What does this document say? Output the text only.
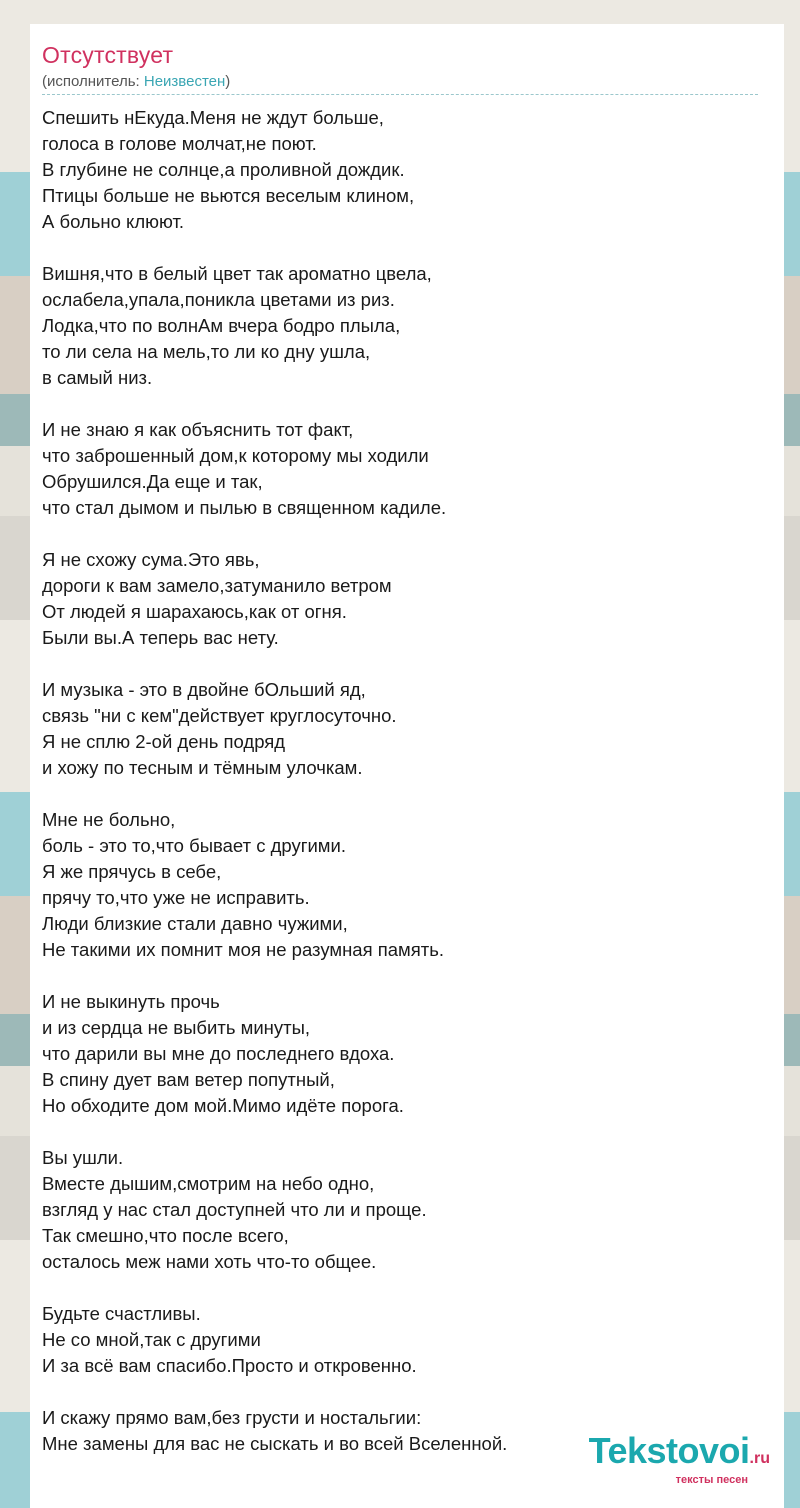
Отсутствует
(исполнитель: Неизвестен)
Спешить нЕкуда.Меня не ждут больше,
голоса в голове молчат,не поют.
В глубине не солнце,а проливной дождик.
Птицы больше не вьются веселым клином,
А больно клюют.
Вишня,что в белый цвет так ароматно цвела,
ослабела,упала,поникла цветами из риз.
Лодка,что по волнАм вчера бодро плыла,
то ли села на мель,то ли ко дну ушла,
в самый низ.
И не знаю я как объяснить тот факт,
что заброшенный дом,к которому мы ходили
Обрушился.Да еще и так,
что стал дымом и пылью в священном кадиле.
Я не схожу сума.Это явь,
дороги к вам замело,затуманило ветром
От людей я шарахаюсь,как от огня.
Были вы.А теперь вас нету.
И музыка - это в двойне бОльший яд,
связь "ни с кем"действует круглосуточно.
Я не сплю 2-ой день подряд
и хожу по тесным и тёмным улочкам.
Мне не больно,
боль - это то,что бывает с другими.
Я же прячусь в себе,
прячу то,что уже не исправить.
Люди близкие стали давно чужими,
Не такими их помнит моя не разумная память.
И не выкинуть прочь
и из сердца не выбить минуты,
что дарили вы мне до последнего вдоха.
В спину дует вам ветер попутный,
Но обходите дом мой.Мимо идёте порога.
Вы ушли.
Вместе дышим,смотрим на небо одно,
взгляд у нас стал доступней что ли и проще.
Так смешно,что после всего,
осталось меж нами хоть что-то общее.
Будьте счастливы.
Не со мной,так с другими
И за всё вам спасибо.Просто и откровенно.
И скажу прямо вам,без грусти и ностальгии:
Мне замены для вас не сыскать и во всей Вселенной.	Tekstovoi.ru
тексты песен
